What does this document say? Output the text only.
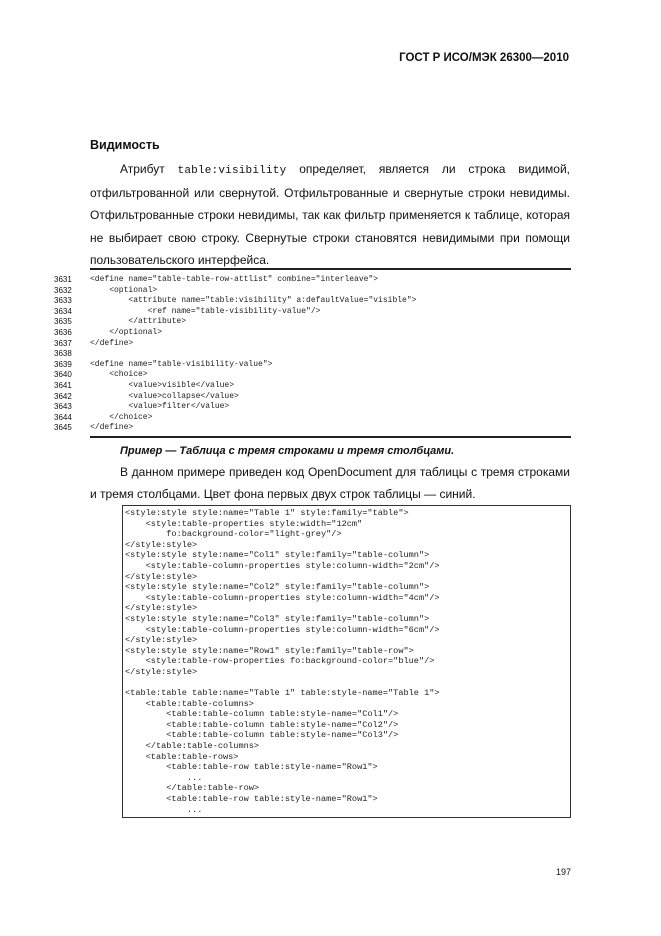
ГОСТ Р ИСО/МЭК 26300—2010
Видимость
Атрибут table:visibility определяет, является ли строка видимой, отфильтрованной или свернутой. Отфильтрованные и свернутые строки невидимы. Отфильтрованные строки невидимы, так как фильтр применяется к таблице, которая не выбирает свою строку. Свернутые строки становятся невидимыми при помощи пользовательского интерфейса.
3631
3632
3633
3634
3635
3636
3637
3638
3639
3640
3641
3642
3643
3644
3645
<define name="table-table-row-attlist" combine="interleave">
<optional>
<attribute name="table:visibility" a:defaultValue="visible">
<ref name="table-visibility-value"/>
</attribute>
</optional>
</define>

<define name="table-visibility-value">
<choice>
<value>visible</value>
<value>collapse</value>
<value>filter</value>
</choice>
</define>
Пример — Таблица с тремя строками и тремя столбцами.
В данном примере приведен код OpenDocument для таблицы с тремя строками и тремя столбцами. Цвет фона первых двух строк таблицы — синий.
<style:style style:name="Table 1" style:family="table">
<style:table-properties style:width="12cm"
fo:background-color="light-grey"/>
</style:style>
<style:style style:name="Col1" style:family="table-column">
<style:table-column-properties style:column-width="2cm"/>
</style:style>
<style:style style:name="Col2" style:family="table-column">
<style:table-column-properties style:column-width="4cm"/>
</style:style>
<style:style style:name="Col3" style:family="table-column">
<style:table-column-properties style:column-width="6cm"/>
</style:style>
<style:style style:name="Row1" style:family="table-row">
<style:table-row-properties fo:background-color="blue"/>
</style:style>

<table:table table:name="Table 1" table:style-name="Table 1">
<table:table-columns>
<table:table-column table:style-name="Col1"/>
<table:table-column table:style-name="Col2"/>
<table:table-column table:style-name="Col3"/>
</table:table-columns>
<table:table-rows>
<table:table-row table:style-name="Row1">
...
</table:table-row>
<table:table-row table:style-name="Row1">
...
197
